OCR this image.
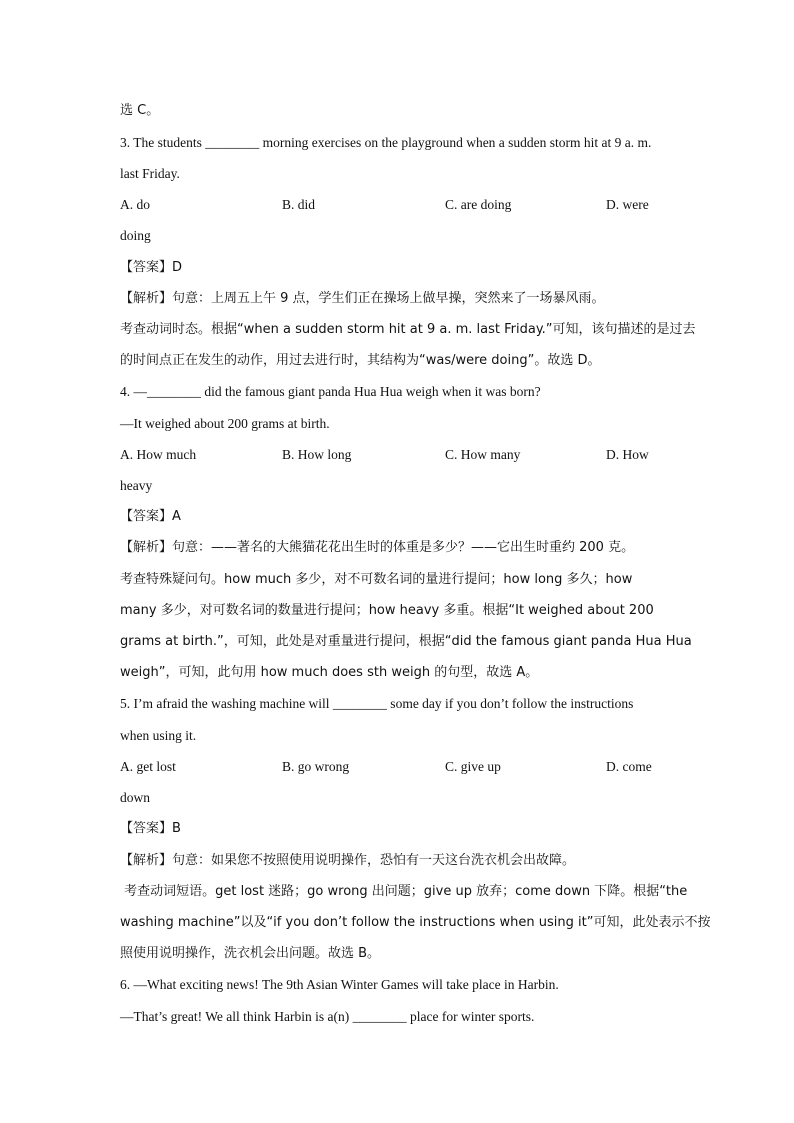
选 C。
3. The students ________ morning exercises on the playground when a sudden storm hit at 9 a. m.
last Friday.
A. do	B. did	C. are doing	D. were
doing
【答案】D
【解析】句意：上周五上午 9 点，学生们正在操场上做早操，突然来了一场暴风雨。
考查动词时态。根据“when a sudden storm hit at 9 a. m. last Friday.”可知，该句描述的是过去
的时间点正在发生的动作，用过去进行时，其结构为“was/were doing”。故选 D。
4. —________ did the famous giant panda Hua Hua weigh when it was born?
—It weighed about 200 grams at birth.
A. How much	B. How long	C. How many	D. How
heavy
【答案】A
【解析】句意：——著名的大熊猫花花出生时的体重是多少？——它出生时重约 200 克。
考查特殊疑问句。how much 多少，对不可数名词的量进行提问；how long 多久；how
many 多少，对可数名词的数量进行提问；how heavy 多重。根据“It weighed about 200
grams at birth.”，可知，此处是对重量进行提问，根据“did the famous giant panda Hua Hua
weigh”，可知，此句用 how much does sth weigh 的句型，故选 A。
5. I’m afraid the washing machine will ________ some day if you don’t follow the instructions
when using it.
A. get lost	B. go wrong	C. give up	D. come
down
【答案】B
【解析】句意：如果您不按照使用说明操作，恐怕有一天这台洗衣机会出故障。
考查动词短语。get lost 迷路；go wrong 出问题；give up 放弃；come down 下降。根据“the
washing machine”以及“if you don’t follow the instructions when using it”可知，此处表示不按
照使用说明操作，洗衣机会出问题。故选 B。
6. —What exciting news! The 9th Asian Winter Games will take place in Harbin.
—That’s great! We all think Harbin is a(n) ________ place for winter sports.
